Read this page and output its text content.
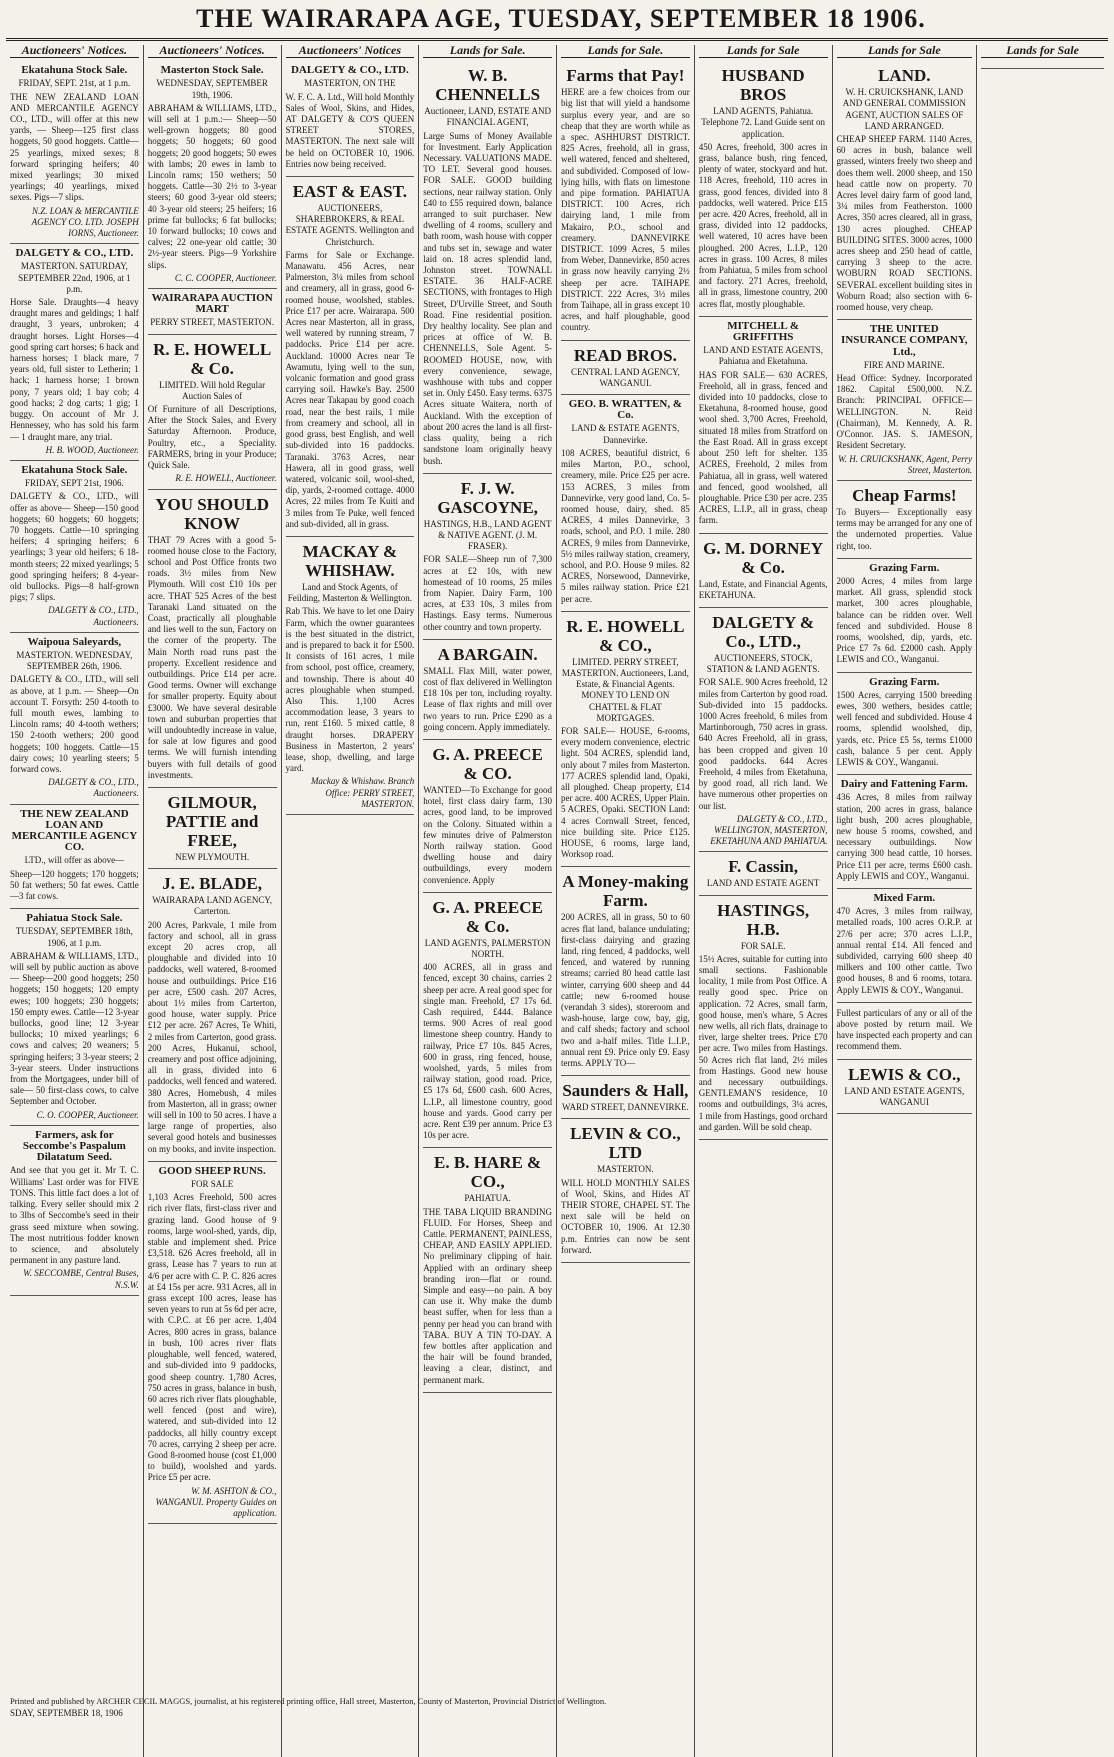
THE WAIRARAPA AGE, TUESDAY, SEPTEMBER 18 1906.
Auctioneers' Notices.
Ekatahuna Stock Sale.
FRIDAY, SEPT. 21st, at 1 p.m.
THE NEW ZEALAND LOAN AND MERCANTILE AGENCY CO., LTD., will offer at this new yards, — Sheep—125 first class hoggets, 50 good hoggets. Cattle—25 yearlings, mixed sexes; 8 forward springing heifers; 40 mixed yearlings; 30 mixed yearlings; 40 yearlings, mixed sexes. Pigs—7 slips.
N.Z. LOAN & MERCANTILE AGENCY CO. LTD. JOSEPH IORNS, Auctioneer.
DALGETY & CO., LTD.
MASTERTON. SATURDAY, SEPTEMBER 22nd, 1906, at 1 p.m.
Horse Sale. Draughts—4 heavy draught mares and geldings; 1 half draught, 3 years, unbroken; 4 draught horses. Light Horses—4 good spring cart horses; 6 hack and harness horses; 1 black mare, 7 years old, full sister to Letherin; 1 hack; 1 harness horse; 1 brown pony, 7 years old; 1 bay cob; 4 good hacks; 2 dog carts; 1 gig; 1 buggy. On account of Mr J. Hennessey, who has sold his farm — 1 draught mare, any trial.
H. B. WOOD, Auctioneer.
Ekatahuna Stock Sale.
FRIDAY, SEPT 21st, 1906.
DALGETY & CO., LTD., will offer as above— Sheep—150 good hoggets; 60 hoggets; 60 hoggets; 70 hoggets. Cattle—10 springing heifers; 4 springing heifers; 6 yearlings; 3 year old heifers; 6 18-month steers; 22 mixed yearlings; 5 good springing heifers; 8 4-year-old bullocks. Pigs—8 half-grown pigs; 7 slips.
DALGETY & CO., LTD., Auctioneers.
Waipoua Saleyards,
MASTERTON. WEDNESDAY, SEPTEMBER 26th, 1906.
DALGETY & CO., LTD., will sell as above, at 1 p.m. — Sheep—On account T. Forsyth: 250 4-tooth to full mouth ewes, lambing to Lincoln rams; 40 4-tooth wethers; 150 2-tooth wethers; 200 good hoggets; 100 hoggets. Cattle—15 dairy cows; 10 yearling steers; 5 forward cows.
DALGETY & CO., LTD., Auctioneers.
THE NEW ZEALAND LOAN AND MERCANTILE AGENCY CO.
LTD., will offer as above—
Sheep—120 hoggets; 170 hoggets; 50 fat wethers; 50 fat ewes. Cattle—3 fat cows.
Pahiatua Stock Sale.
TUESDAY, SEPTEMBER 18th, 1906, at 1 p.m.
ABRAHAM & WILLIAMS, LTD., will sell by public auction as above— Sheep—200 good hoggets; 250 hoggets; 150 hoggets; 120 empty ewes; 100 hoggets; 230 hoggets; 150 empty ewes. Cattle—12 3-year bullocks, good line; 12 3-year bullocks; 10 mixed yearlings; 6 cows and calves; 20 weaners; 5 springing heifers; 3 3-year steers; 2 3-year steers. Under instructions from the Mortgagees, under bill of sale— 50 first-class cows, to calve September and October.
C. O. COOPER, Auctioneer.
Farmers, ask for Seccombe's Paspalum Dilatatum Seed.
And see that you get it. Mr T. C. Williams' Last order was for FIVE TONS. This little fact does a lot of talking. Every seller should mix 2 to 3lbs of Seccombe's seed in their grass seed mixture when sowing. The most nutritious fodder known to science, and absolutely permanent in any pasture land.
W. SECCOMBE, Central Buses, N.S.W.
Auctioneers' Notices.
Masterton Stock Sale.
WEDNESDAY, SEPTEMBER 19th, 1906.
ABRAHAM & WILLIAMS, LTD., will sell at 1 p.m.:— Sheep—50 well-grown hoggets; 80 good hoggets; 50 hoggets; 60 good hoggets; 20 good hoggets; 50 ewes with lambs; 20 ewes in lamb to Lincoln rams; 150 wethers; 50 hoggets. Cattle—30 2½ to 3-year steers; 60 good 3-year old steers; 40 3-year old steers; 25 heifers; 16 prime fat bullocks; 6 fat bullocks; 10 forward bullocks; 10 cows and calves; 22 one-year old cattle; 30 2½-year steers. Pigs—9 Yorkshire slips.
C. C. COOPER, Auctioneer.
WAIRARAPA AUCTION MART
PERRY STREET, MASTERTON.
R. E. HOWELL & Co.
LIMITED. Will hold Regular Auction Sales of
Of Furniture of all Descriptions, After the Stock Sales, and Every Saturday Afternoon. Produce, Poultry, etc., a Speciality. FARMERS, bring in your Produce; Quick Sale.
R. E. HOWELL, Auctioneer.
YOU SHOULD KNOW
THAT 79 Acres with a good 5-roomed house close to the Factory, school and Post Office fronts two roads. 3½ miles from New Plymouth. Will cost £10 10s per acre. THAT 525 Acres of the best Taranaki Land situated on the Coast, practically all ploughable and lies well to the sun, Factory on the corner of the property. The Main North road runs past the property. Excellent residence and outbuildings. Price £14 per acre. Good terms. Owner will exchange for smaller property. Equity about £3000. We have several desirable town and suburban properties that will undoubtedly increase in value, for sale at low figures and good terms. We will furnish intending buyers with full details of good investments.
GILMOUR, PATTIE and FREE,
NEW PLYMOUTH.
J. E. BLADE,
WAIRARAPA LAND AGENCY, Carterton.
200 Acres, Parkvale, 1 mile from factory and school, all in grass except 20 acres crop, all ploughable and divided into 10 paddocks, well watered, 8-roomed house and outbuildings. Price £16 per acre, £500 cash. 207 Acres, about 1½ miles from Carterton, good house, water supply. Price £12 per acre. 267 Acres, Te Whiti, 2 miles from Carterton, good grass. 200 Acres, Hukanui, school, creamery and post office adjoining, all in grass, divided into 6 paddocks, well fenced and watered. 380 Acres, Homebush, 4 miles from Masterton, all in grass; owner will sell in 100 to 50 acres. I have a large range of properties, also several good hotels and businesses on my books, and invite inspection.
GOOD SHEEP RUNS.
FOR SALE
1,103 Acres Freehold, 500 acres rich river flats, first-class river and grazing land. Good house of 9 rooms, large wool-shed, yards, dip, stable and implement shed. Price £3,518. 626 Acres freehold, all in grass, Lease has 7 years to run at 4/6 per acre with C. P. C. 826 acres at £4 15s per acre. 931 Acres, all in grass except 100 acres, lease has seven years to run at 5s 6d per acre, with C.P.C. at £6 per acre. 1,404 Acres, 800 acres in grass, balance in bush, 100 acres river flats ploughable, well fenced, watered, and sub-divided into 9 paddocks, good sheep country. 1,780 Acres, 750 acres in grass, balance in bush, 60 acres rich river flats ploughable, well fenced (post and wire), watered, and sub-divided into 12 paddocks, all hilly country except 70 acres, carrying 2 sheep per acre. Good 8-roomed house (cost £1,000 to build), woolshed and yards. Price £5 per acre.
W. M. ASHTON & CO., WANGANUI. Property Guides on application.
Auctioneers' Notices
DALGETY & CO., LTD.
MASTERTON, ON THE
W. F. C. A. Ltd., Will hold Monthly Sales of Wool, Skins, and Hides, AT DALGETY & CO'S QUEEN STREET STORES, MASTERTON. The next sale will be held on OCTOBER 10, 1906. Entries now being received.
EAST & EAST.
AUCTIONEERS, SHAREBROKERS, & REAL ESTATE AGENTS. Wellington and Christchurch.
Farms for Sale or Exchange. Manawatu. 456 Acres, near Palmerston, 3¼ miles from school and creamery, all in grass, good 6-roomed house, woolshed, stables. Price £17 per acre. Wairarapa. 500 Acres near Masterton, all in grass, well watered by running stream, 7 paddocks. Price £14 per acre. Auckland. 10000 Acres near Te Awamutu, lying well to the sun, volcanic formation and good grass carrying soil. Hawke's Bay. 2500 Acres near Takapau by good coach road, near the best rails, 1 mile from creamery and school, all in good grass, best English, and well sub-divided into 16 paddocks. Taranaki. 3763 Acres, near Hawera, all in good grass, well watered, volcanic soil, wool-shed, dip, yards, 2-roomed cottage. 4000 Acres, 22 miles from Te Kuiti and 3 miles from Te Puke, well fenced and sub-divided, all in grass.
MACKAY & WHISHAW.
Land and Stock Agents, of Feilding, Masterton & Wellington.
Rab This. We have to let one Dairy Farm, which the owner guarantees is the best situated in the district, and is prepared to back it for £500. It consists of 161 acres, 1 mile from school, post office, creamery, and township. There is about 40 acres ploughable when stumped. Also This. 1,100 Acres accommodation lease, 3 years to run, rent £160. 5 mixed cattle, 8 draught horses. DRAPERY Business in Masterton, 2 years' lease, shop, dwelling, and large yard.
Mackay & Whishaw. Branch Office: PERRY STREET, MASTERTON.
Lands for Sale.
W. B. CHENNELLS
Auctioneer, LAND, ESTATE AND FINANCIAL AGENT,
Large Sums of Money Available for Investment. Early Application Necessary. VALUATIONS MADE. TO LET. Several good houses. FOR SALE. GOOD building sections, near railway station. Only £40 to £55 required down, balance arranged to suit purchaser. New dwelling of 4 rooms, scullery and bath room, wash house with copper and tubs set in, sewage and water laid on. 18 acres splendid land, Johnston street. TOWNALL ESTATE. 36 HALF-ACRE SECTIONS, with frontages to High Street, D'Urville Street, and South Road. Fine residential position. Dry healthy locality. See plan and prices at office of W. B. CHENNELLS, Sole Agent. 5-ROOMED HOUSE, now, with every convenience, sewage, washhouse with tubs and copper set in. Only £450. Easy terms. 6375 Acres situate Waitera, north of Auckland. With the exception of about 200 acres the land is all first-class quality, being a rich sandstone loam originally heavy bush.
F. J. W. GASCOYNE,
HASTINGS, H.B., LAND AGENT & NATIVE AGENT. (J. M. FRASER).
FOR SALE—Sheep run of 7,300 acres at £2 10s, with new homestead of 10 rooms, 25 miles from Napier. Dairy Farm, 100 acres, at £33 10s, 3 miles from Hastings. Easy terms. Numerous other country and town property.
A BARGAIN.
SMALL Flax Mill, water power, cost of flax delivered in Wellington £18 10s per ton, including royalty. Lease of flax rights and mill over two years to run. Price £290 as a going concern. Apply immediately.
G. A. PREECE & CO.
WANTED—To Exchange for good hotel, first class dairy farm, 130 acres, good land, to be improved on the Colony. Situated within a few minutes drive of Palmerston North railway station. Good dwelling house and dairy outbuildings, every modern convenience. Apply
G. A. PREECE & Co.
LAND AGENTS, PALMERSTON NORTH.
400 ACRES, all in grass and fenced, except 30 chains, carries 2 sheep per acre. A real good spec for single man. Freehold, £7 17s 6d. Cash required, £444. Balance terms. 900 Acres of real good limestone sheep country. Handy to railway, Price £7 10s. 845 Acres, 600 in grass, ring fenced, house, woolshed, yards, 5 miles from railway station, good road. Price, £5 17s 6d, £600 cash. 600 Acres, L.I.P., all limestone country, good house and yards. Good carry per acre. Rent £39 per annum. Price £3 10s per acre.
E. B. HARE & CO.,
PAHIATUA.
THE TABA LIQUID BRANDING FLUID. For Horses, Sheep and Cattle. PERMANENT, PAINLESS, CHEAP, AND EASILY APPLIED. No preliminary clipping of hair. Applied with an ordinary sheep branding iron—flat or round. Simple and easy—no pain. A boy can use it. Why make the dumb beast suffer, when for less than a penny per head you can brand with TABA. BUY A TIN TO-DAY. A few bottles after application and the hair will be found branded, leaving a clear, distinct, and permanent mark.
Lands for Sale.
Farms that Pay!
HERE are a few choices from our big list that will yield a handsome surplus every year, and are so cheap that they are worth while as a spec. ASHHURST DISTRICT. 825 Acres, freehold, all in grass, well watered, fenced and sheltered, and subdivided. Composed of low-lying hills, with flats on limestone and pipe formation. PAHIATUA DISTRICT. 100 Acres, rich dairying land, 1 mile from Makairo, P.O., school and creamery. DANNEVIRKE DISTRICT. 1099 Acres, 5 miles from Weber, Dannevirke, 850 acres in grass now heavily carrying 2½ sheep per acre. TAIHAPE DISTRICT. 222 Acres, 3½ miles from Taihape, all in grass except 10 acres, and half ploughable, good country.
READ BROS.
CENTRAL LAND AGENCY, WANGANUI.
GEO. B. WRATTEN, & Co.
LAND & ESTATE AGENTS, Dannevirke.
108 ACRES, beautiful district, 6 miles Marton, P.O., school, creamery, mile. Price £25 per acre. 153 ACRES, 3 miles from Dannevirke, very good land, Co. 5-roomed house, dairy, shed. 85 ACRES, 4 miles Dannevirke, 3 roads, school, and P.O. 1 mile. 280 ACRES, 9 miles from Dannevirke, 5½ miles railway station, creamery, school, and P.O. House 9 miles. 82 ACRES, Norsewood, Dannevirke, 5 miles railway station. Price £21 per acre.
R. E. HOWELL & CO.,
LIMITED. PERRY STREET, MASTERTON. Auctioneers, Land, Estate, & Financial Agents. MONEY TO LEND ON CHATTEL & FLAT MORTGAGES.
FOR SALE— HOUSE, 6-rooms, every modern convenience, electric light. 504 ACRES, splendid land, only about 7 miles from Masterton. 177 ACRES splendid land, Opaki, all ploughed. Cheap property, £14 per acre. 400 ACRES, Upper Plain. 5 ACRES, Opaki. SECTION Land: 4 acres Cornwall Street, fenced, nice building site. Price £125. HOUSE, 6 rooms, large land, Worksop road.
A Money-making Farm.
200 ACRES, all in grass, 50 to 60 acres flat land, balance undulating; first-class dairying and grazing land, ring fenced, 4 paddocks, well fenced, and watered by running streams; carried 80 head cattle last winter, carrying 600 sheep and 44 cattle; new 6-roomed house (verandah 3 sides), storeroom and wash-house, large cow, bay, gig, and calf sheds; factory and school two and a-half miles. Title L.I.P., annual rent £9. Price only £9. Easy terms. APPLY TO—
Saunders & Hall,
WARD STREET, DANNEVIRKE.
LEVIN & CO., LTD
MASTERTON.
WILL HOLD MONTHLY SALES of Wool, Skins, and Hides AT THEIR STORE, CHAPEL ST. The next sale will be held on OCTOBER 10, 1906. At 12.30 p.m. Entries can now be sent forward.
Lands for Sale
HUSBAND BROS
LAND AGENTS, Pahiatua. Telephone 72. Land Guide sent on application.
450 Acres, freehold, 300 acres in grass, balance bush, ring fenced, plenty of water, stockyard and hut. 118 Acres, freehold, 110 acres in grass, good fences, divided into 8 paddocks, well watered. Price £15 per acre. 420 Acres, freehold, all in grass, divided into 12 paddocks, well watered, 10 acres have been ploughed. 200 Acres, L.I.P., 120 acres in grass. 100 Acres, 8 miles from Pahiatua, 5 miles from school and factory. 271 Acres, freehold, all in grass, limestone country, 200 acres flat, mostly ploughable.
MITCHELL & GRIFFITHS
LAND AND ESTATE AGENTS, Pahiatua and Eketahuna.
HAS FOR SALE— 630 ACRES, Freehold, all in grass, fenced and divided into 10 paddocks, close to Eketahuna, 8-roomed house, good wool shed. 3,700 Acres, Freehold, situated 18 miles from Stratford on the East Road. All in grass except about 250 left for shelter. 135 ACRES, Freehold, 2 miles from Pahiatua, all in grass, well watered and fenced, good woolshed, all ploughable. Price £30 per acre. 235 ACRES, L.I.P., all in grass, cheap farm.
G. M. DORNEY & Co.
Land, Estate, and Financial Agents, EKETAHUNA.
DALGETY & Co., LTD.,
AUCTIONEERS, STOCK, STATION & LAND AGENTS.
FOR SALE. 900 Acres freehold, 12 miles from Carterton by good road. Sub-divided into 15 paddocks. 1000 Acres freehold, 6 miles from Martinborough, 750 acres in grass. 640 Acres Freehold, all in grass, has been cropped and given 10 good paddocks. 644 Acres Freehold, 4 miles from Eketahuna, by good road, all rich land. We have numerous other properties on our list.
DALGETY & CO., LTD., WELLINGTON, MASTERTON, EKETAHUNA AND PAHIATUA.
F. Cassin,
LAND AND ESTATE AGENT
HASTINGS, H.B.
FOR SALE.
15½ Acres, suitable for cutting into small sections. Fashionable locality, 1 mile from Post Office. A really good spec. Price on application. 72 Acres, small farm, good house, men's whare, 5 Acres new wells, all rich flats, drainage to river, large shelter trees. Price £70 per acre. Two miles from Hastings. 50 Acres rich flat land, 2½ miles from Hastings. Good new house and necessary outbuildings. GENTLEMAN'S residence, 10 rooms and outbuildings, 3¼ acres, 1 mile from Hastings, good orchard and garden. Will be sold cheap.
Lands for Sale
LAND.
W. H. CRUICKSHANK, LAND AND GENERAL COMMISSION AGENT, AUCTION SALES OF LAND ARRANGED.
CHEAP SHEEP FARM. 1140 Acres, 60 acres in bush, balance well grassed, winters freely two sheep and does them well. 2000 sheep, and 150 head cattle now on property. 70 Acres level dairy farm of good land, 3¼ miles from Featherston. 1000 Acres, 350 acres cleared, all in grass, 130 acres ploughed. CHEAP BUILDING SITES. 3000 acres, 1000 acres sheep and 250 head of cattle, carrying 3 sheep to the acre. WOBURN ROAD SECTIONS. SEVERAL excellent building sites in Woburn Road; also section with 6-roomed house, very cheap.
THE UNITED INSURANCE COMPANY, Ltd.,
FIRE AND MARINE.
Head Office: Sydney. Incorporated 1862. Capital £500,000. N.Z. Branch: PRINCIPAL OFFICE—WELLINGTON. N. Reid (Chairman), M. Kennedy, A. R. O'Connor. JAS. S. JAMESON, Resident Secretary.
W. H. CRUICKSHANK, Agent, Perry Street, Masterton.
Cheap Farms!
To Buyers— Exceptionally easy terms may be arranged for any one of the undernoted properties. Value right, too.
Grazing Farm.
2000 Acres, 4 miles from large market. All grass, splendid stock market, 300 acres ploughable, balance can be ridden over. Well fenced and subdivided. House 8 rooms, woolshed, dip, yards, etc. Price £7 7s 6d. £2000 cash. Apply LEWIS and CO., Wanganui.
Grazing Farm.
1500 Acres, carrying 1500 breeding ewes, 300 wethers, besides cattle; well fenced and subdivided. House 4 rooms, splendid woolshed, dip, yards, etc. Price £5 5s, terms £1000 cash, balance 5 per cent. Apply LEWIS & COY., Wanganui.
Dairy and Fattening Farm.
436 Acres, 8 miles from railway station, 200 acres in grass, balance light bush, 200 acres ploughable, new house 5 rooms, cowshed, and necessary outbuildings. Now carrying 300 head cattle, 10 horses. Price £11 per acre, terms £600 cash. Apply LEWIS and COY., Wanganui.
Mixed Farm.
470 Acres, 3 miles from railway, metalled roads, 100 acres O.R.P. at 27/6 per acre; 370 acres L.I.P., annual rental £14. All fenced and subdivided, carrying 600 sheep 40 milkers and 100 other cattle. Two good houses, 8 and 6 rooms, totara. Apply LEWIS & COY., Wanganui.
Fullest particulars of any or all of the above posted by return mail. We have inspected each property and can recommend them.
LEWIS & CO.,
LAND AND ESTATE AGENTS, WANGANUI
Lands for Sale
Printed and published by ARCHER CECIL MAGGS, journalist, at his registered printing office, Hall street, Masterton, County of Masterton, Provincial District of Wellington.
SDAY, SEPTEMBER 18, 1906
